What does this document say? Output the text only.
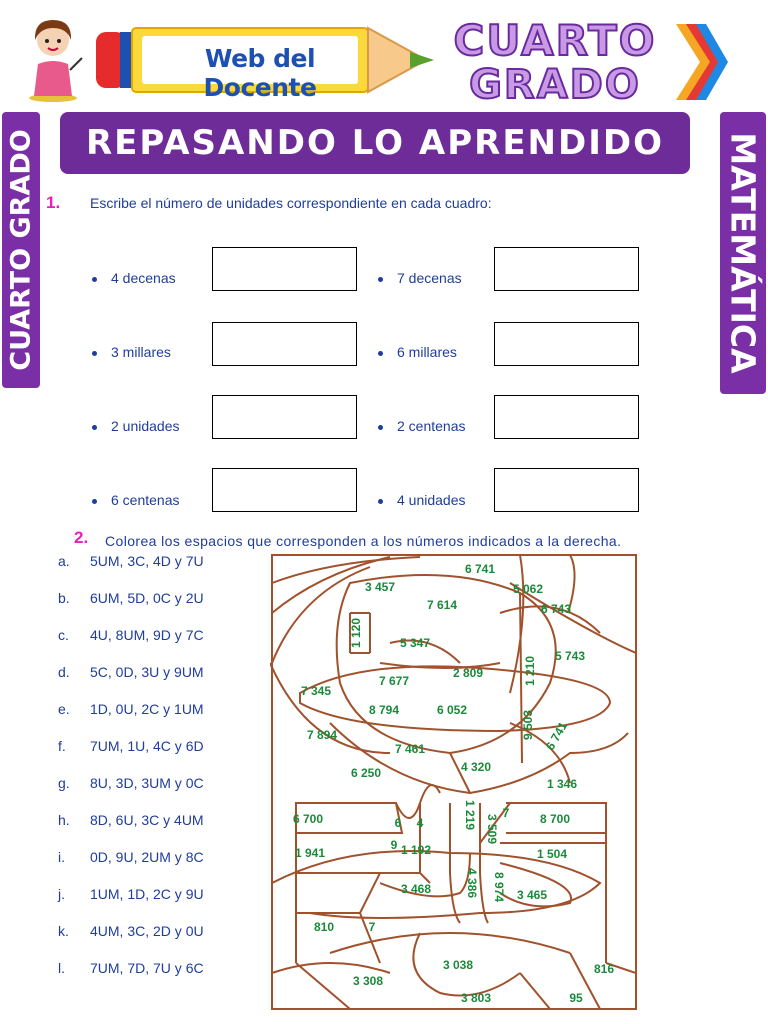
Web del Docente
CUARTO
GRADO
CUARTO GRADO	MATEMÁTICA
REPASANDO LO APRENDIDO
1. Escribe el número de unidades correspondiente en cada cuadro:
4 decenas
3 millares
2 unidades
6 centenas
7 decenas
6 millares
2 centenas
4 unidades
2. Colorea los espacios que corresponden a los números indicados a la derecha.
a.	5UM, 3C, 4D y 7U
b.	6UM, 5D, 0C y 2U
c.	4U, 8UM, 9D y 7C
d.	5C, 0D, 3U y 9UM
e.	1D, 0U, 2C y 1UM
f.	7UM, 1U, 4C y 6D
g.	8U, 3D, 3UM y 0C
h.	8D, 6U, 3C y 4UM
i.	0D, 9U, 2UM y 8C
j.	1UM, 1D, 2C y 9U
k.	4UM, 3C, 2D y 0U
l.	7UM, 7D, 7U y 6C
6 741
3 457	5 062
7 614	6 743
1 120	5 347
5 743
1 210
2 809
7 677
7 345
8 794	6 052	9 503 6 741
7 894
7 461
4 320
6 250
1 346
6 700	6 4	1 219 3 509
7	8 700
1 941
9 1 192	1 504
3 468	4 386 8 974 3 465
810	7
3 038	816
3 308
3 803	95
